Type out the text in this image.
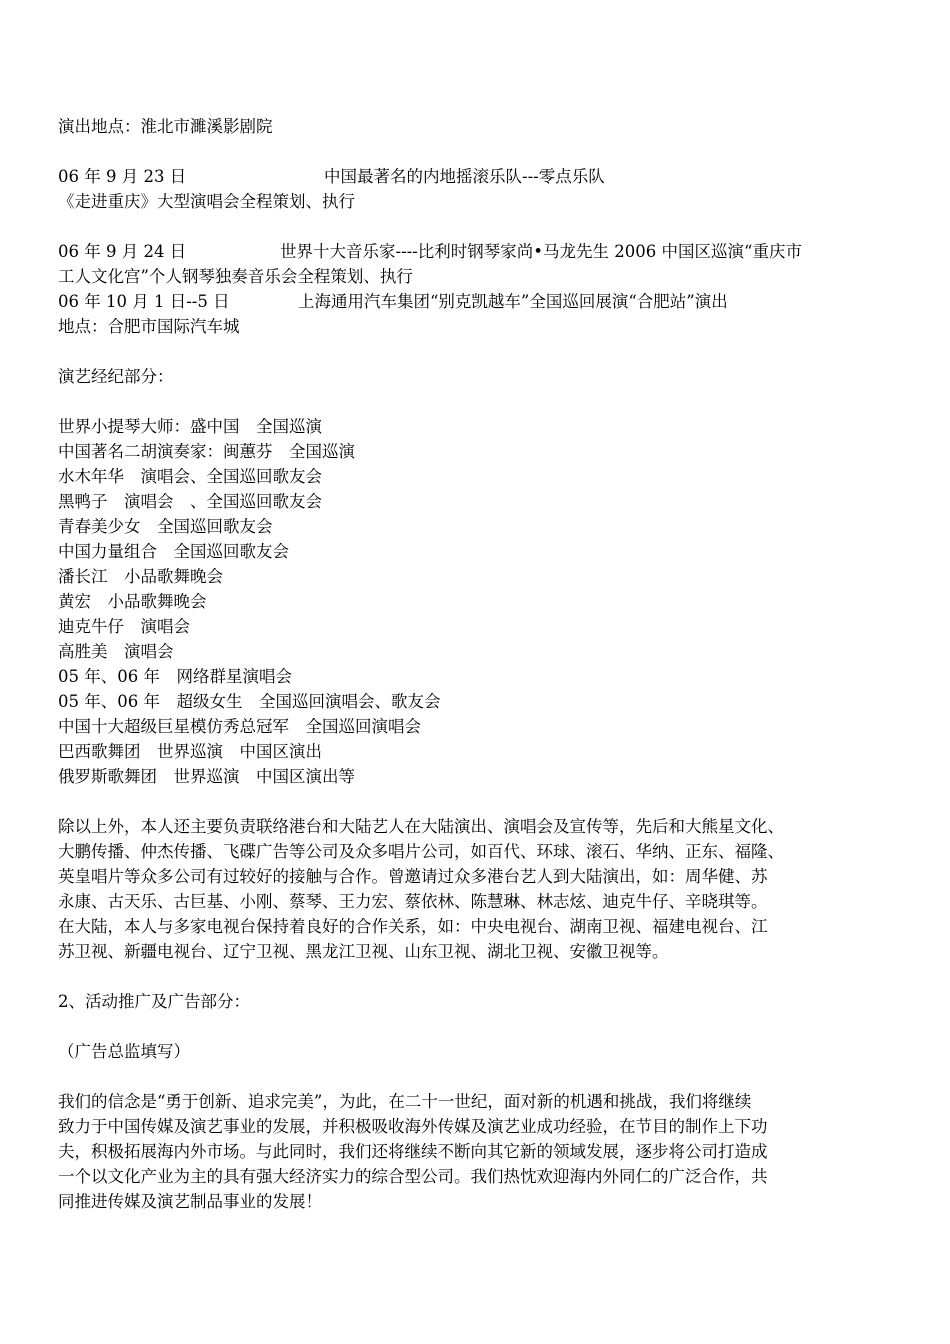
演出地点：淮北市濉溪影剧院
06 年 9 月 23 日	中国最著名的内地摇滚乐队---零点乐队
《走进重庆》大型演唱会全程策划、执行
06 年 9 月 24 日	世界十大音乐家----比利时钢琴家尚•马龙先生 2006 中国区巡演“重庆市
工人文化宫”个人钢琴独奏音乐会全程策划、执行
06 年 10 月 1 日--5 日	上海通用汽车集团“别克凯越车”全国巡回展演“合肥站”演出
地点：合肥市国际汽车城
演艺经纪部分：
世界小提琴大师：盛中国　全国巡演
中国著名二胡演奏家：闽蕙芬　全国巡演
水木年华　演唱会、全国巡回歌友会
黑鸭子　演唱会　、全国巡回歌友会
青春美少女　全国巡回歌友会
中国力量组合　全国巡回歌友会
潘长江　小品歌舞晚会
黄宏　小品歌舞晚会
迪克牛仔　演唱会
高胜美　演唱会
05 年、06 年　网络群星演唱会
05 年、06 年　超级女生　全国巡回演唱会、歌友会
中国十大超级巨星模仿秀总冠军　全国巡回演唱会
巴西歌舞团　世界巡演　中国区演出
俄罗斯歌舞团　世界巡演　中国区演出等
除以上外，本人还主要负责联络港台和大陆艺人在大陆演出、演唱会及宣传等，先后和大熊星文化、
大鹏传播、仲杰传播、飞碟广告等公司及众多唱片公司，如百代、环球、滚石、华纳、正东、福隆、
英皇唱片等众多公司有过较好的接触与合作。曾邀请过众多港台艺人到大陆演出，如：周华健、苏
永康、古天乐、古巨基、小刚、蔡琴、王力宏、蔡依林、陈慧琳、林志炫、迪克牛仔、辛晓琪等。
在大陆，本人与多家电视台保持着良好的合作关系，如：中央电视台、湖南卫视、福建电视台、江
苏卫视、新疆电视台、辽宁卫视、黑龙江卫视、山东卫视、湖北卫视、安徽卫视等。
2、活动推广及广告部分：
（广告总监填写）
我们的信念是“勇于创新、追求完美”，为此，在二十一世纪，面对新的机遇和挑战，我们将继续
致力于中国传媒及演艺事业的发展，并积极吸收海外传媒及演艺业成功经验，在节目的制作上下功
夫，积极拓展海内外市场。与此同时，我们还将继续不断向其它新的领域发展，逐步将公司打造成
一个以文化产业为主的具有强大经济实力的综合型公司。我们热忱欢迎海内外同仁的广泛合作，共
同推进传媒及演艺制品事业的发展！
